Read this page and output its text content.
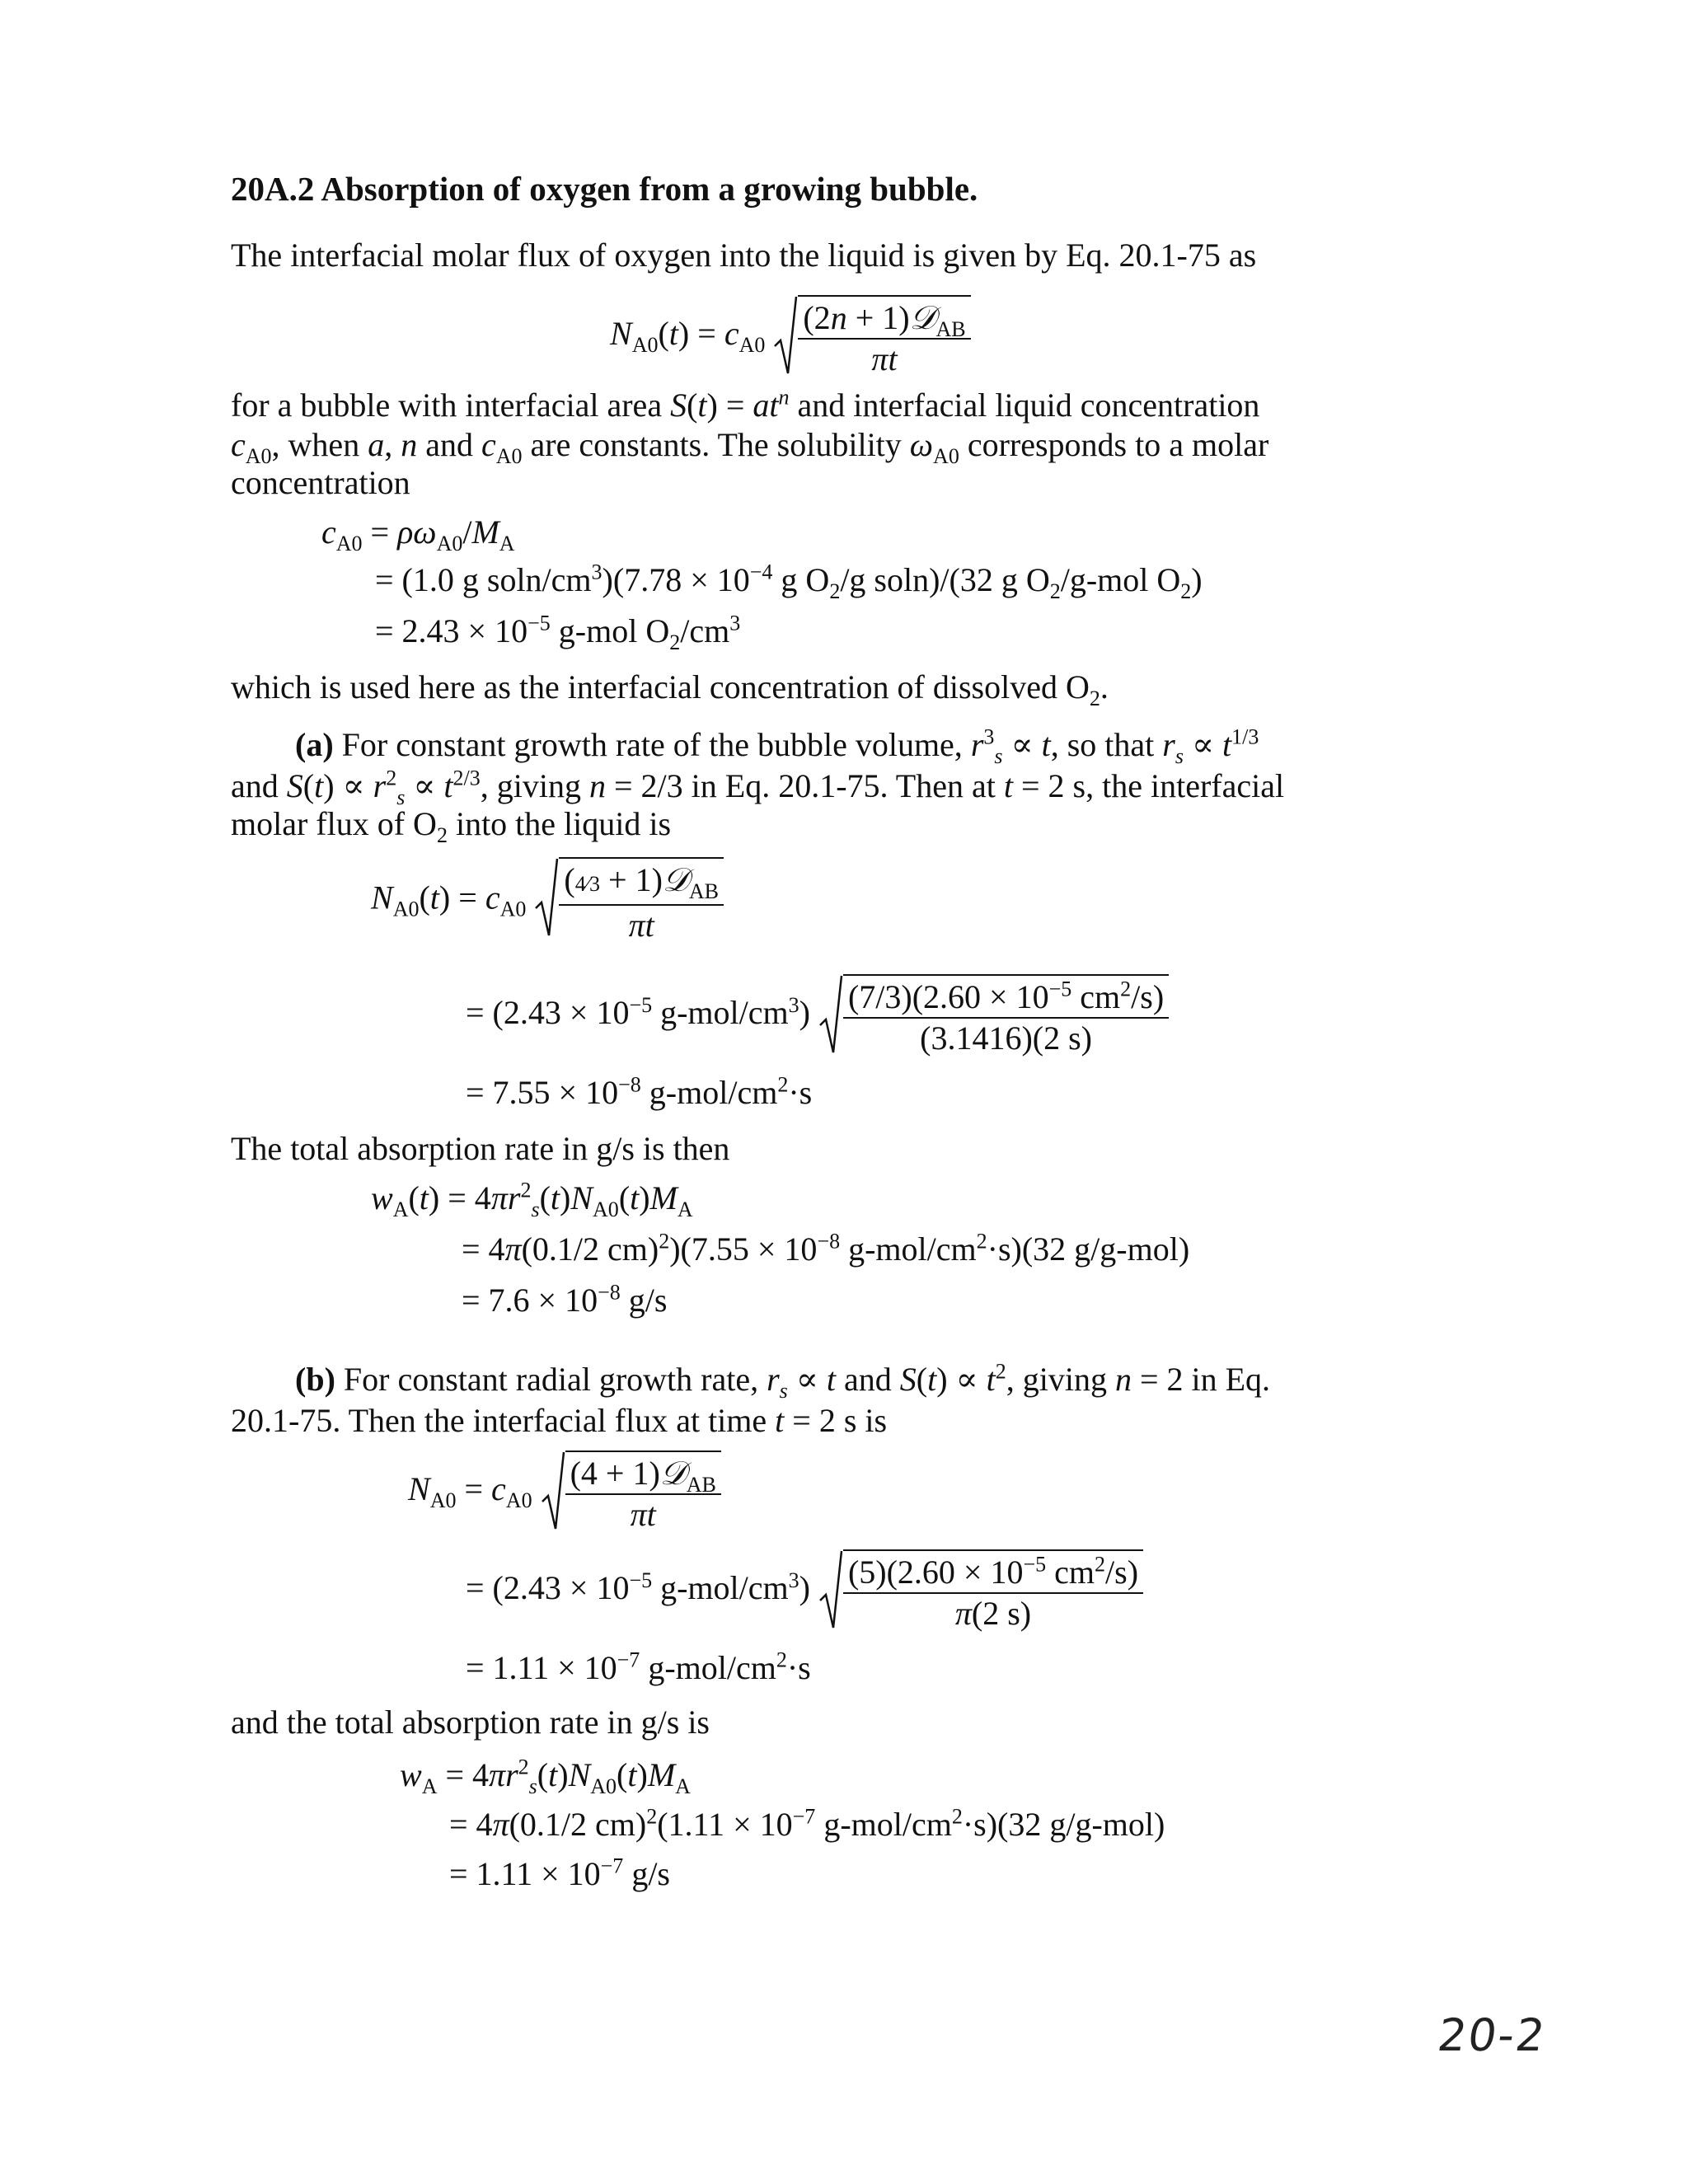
20A.2 Absorption of oxygen from a growing bubble.
The interfacial molar flux of oxygen into the liquid is given by Eq. 20.1-75 as
$N_{A0}(t) = c_{A0} \frac{(2n + 1)𝒟_{AB}}{\pi t}$
for a bubble with interfacial area $S(t) = at^n$ and interfacial liquid concentration
$c_{A0}$, when a, n and $c_{A0}$ are constants. The solubility $\omega_{A0}$ corresponds to a molar
concentration
$c_{A0} = \rho\omega_{A0}/M_A$
= (1.0 g soln/$cm^3)(7.78 \times 10^{-4}$ g $O_2/g$ soln)/(32 g $O_2/g$-mol $O_2$)
= $2.43 \times 10^{-5}$ g-mol $O_2/cm^3$
which is used here as the interfacial concentration of dissolved $O_2$.
(a) For constant growth rate of the bubble volume, $r^3_s \propto t$, so that $r_s \propto t^{1/3}$
and $S(t) \propto r^2_s \propto t^{2/3}$, giving n = 2/3 in Eq. 20.1-75. Then at t = 2 s, the interfacial
molar flux of $O_2$ into the liquid is
$N_{A0}(t) = c_{A0} \frac{(4⁄3 + 1)𝒟_{AB}}{\pi t}$
= ($2.43 \times 10^{-5}$ $g-mol/cm^3) \frac{(7/3)(2.60 \times 10^{-5} cm^2/s)}{(3.1416)(2 s)}$
= $7.55 \times 10^{-8}$ $g-mol/cm^2\cdot s$
The total absorption rate in g/s is then
$w_A(t) = 4\pi r^2_s(t)N_{A0}(t)M_A$
= 4π(0.1/2 $cm)^2)(7.55 \times 10^{-8}$ $g-mol/cm^2\cdot s)(32$ g/g-mol)
= $7.6 \times 10^{-8}$ g/s
(b) For constant radial growth rate, $r_s \propto t$ and $S(t) \propto t^2$, giving n = 2 in Eq.
20.1-75. Then the interfacial flux at time t = 2 s is
$N_{A0} = c_{A0} \frac{(4 + 1)𝒟_{AB}}{\pi t}$
= ($2.43 \times 10^{-5}$ $g-mol/cm^3) \frac{(5)(2.60 \times 10^{-5} cm^2/s)}{\pi(2 s)}$
= $1.11 \times 10^{-7}$ $g-mol/cm^2\cdot s$
and the total absorption rate in g/s is
$w_A = 4\pi r^2_s(t)N_{A0}(t)M_A$
= 4π(0.1/2 $cm)^2(1.11 \times 10^{-7}$ $g-mol/cm^2\cdot s)(32$ g/g-mol)
= $1.11 \times 10^{-7}$ g/s
20-2
